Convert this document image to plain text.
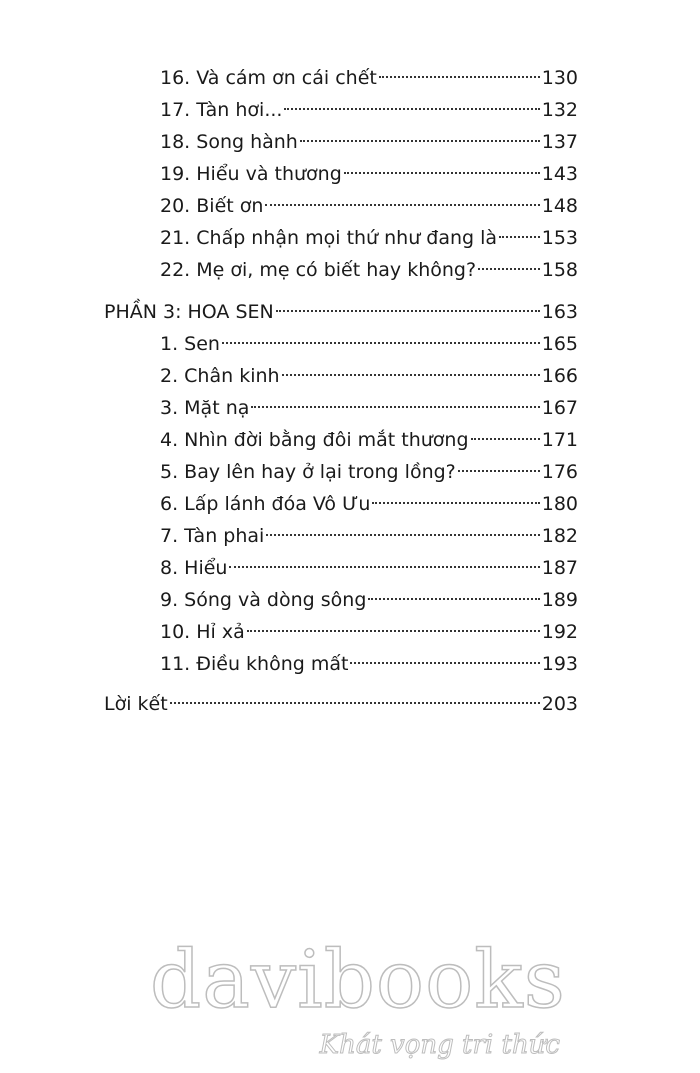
16. Và cám ơn cái chết	130
17. Tàn hơi...	132
18. Song hành	137
19. Hiểu và thương	143
20. Biết ơn	148
21. Chấp nhận mọi thứ như đang là 153
22. Mẹ ơi, mẹ có biết hay không?	158
PHẦN 3: HOA SEN	163
1. Sen	165
2. Chân kinh	166
3. Mặt nạ	167
4. Nhìn đời bằng đôi mắt thương	171
5. Bay lên hay ở lại trong lồng?	176
6. Lấp lánh đóa Vô Ưu	180
7. Tàn phai	182
8. Hiểu	187
9. Sóng và dòng sông	189
10. Hỉ xả	192
11. Điều không mất	193
Lời kết	203
davibooks
Khát vọng tri thức
